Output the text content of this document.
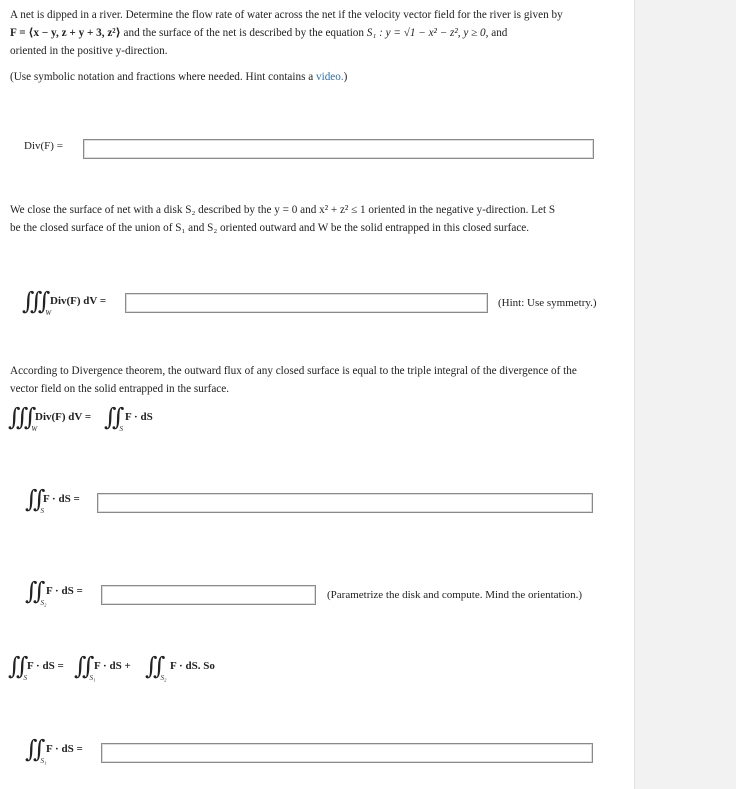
A net is dipped in a river. Determine the flow rate of water across the net if the velocity vector field for the river is given by

F = ⟨x − y, z + y + 3, z²⟩ and the surface of the net is described by the equation S₁ : y = √1 − x² − z², y ≥ 0, and

oriented in the positive y-direction.

(Use symbolic notation and fractions where needed. Hint contains a video.)
Div(F) =

We close the surface of net with a disk S₂ described by the y = 0 and x² + z² ≤ 1 oriented in the negative y-direction. Let S

be the closed surface of the union of S₁ and S₂ oriented outward and W be the solid entrapped in this closed surface.

∭ $_W$
Div(F) dV =	(Hint: Use symmetry.)

According to Divergence theorem, the outward flux of any closed surface is equal to the triple integral of the divergence of the

vector field on the solid entrapped in the surface.

∭ $_W$
Div(F) dV = ∬ $_S$
F · dS
∬ $_S$
F · dS =
∬ $_{S_2}$
F · dS =	(Parametrize the disk and compute. Mind the orientation.)
∬ $_S$
F · dS = ∬ $_{S_1}$
F · dS + ∬ $_{S_2}$
F · dS. So
∬ $_{S_1}$
F · dS =
